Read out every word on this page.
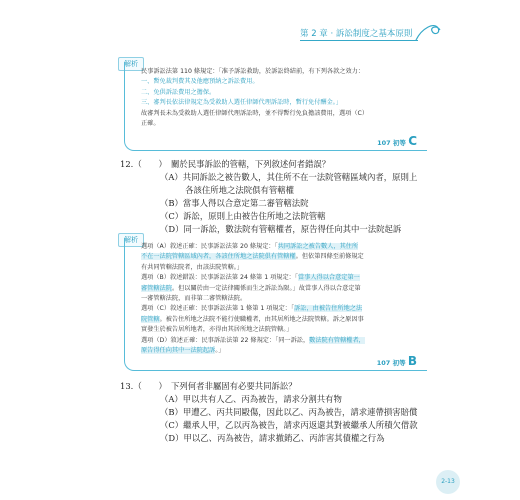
第 2 章 ‧ 訴訟制度之基本原則
解析
民事訴訟法第 110 條規定：「准予訴訟救助，於訴訟終結前，有下列各款之效力：
一、暫免裁判費其及他應預納之訴訟費用。
二、免供訴訟費用之擔保。
三、審判長依法律規定為受救助人選任律師代理訴訟時，暫行免付酬金。」
故審判長未為受救助人選任律師代理訴訟時，並不得暫行免負擔該費用，選項（C）
正確。
107 初等 C
12.（　　）　關於民事訴訟的管轄，下列敘述何者錯誤？
（A）共同訴訟之被告數人，其住所不在一法院管轄區域內者，原則上
　　　各該住所地之法院俱有管轄權
（B）當事人得以合意定第二審管轄法院
（C）訴訟，原則上由被告住所地之法院管轄
（D）同一訴訟，數法院有管轄權者，原告得任向其中一法院起訴
解析
選項（A）敘述正確：民事訴訟法第 20 條規定：「共同訴訟之被告數人，其住所
不在一法院管轄區域內者，各該住所地之法院俱有管轄權。但依第四條至前條規定
有共同管轄法院者，由該法院管轄。」
選項（B）敘述錯誤：民事訴訟法第 24 條第 1 項規定：「當事人得以合意定第一
審管轄法院。但以關於由一定法律關係而生之訴訟為限。」故當事人得以合意定第
一審管轄法院，而非第二審管轄法院。
選項（C）敘述正確：民事訴訟法第 1 條第 1 項規定：「訴訟，由被告住所地之法
院管轄。被告住所地之法院不能行使職權者，由其居所地之法院管轄。訴之原因事
實發生於被告居所地者，亦得由其居所地之法院管轄。」
選項（D）敘述正確：民事訴訟法第 22 條規定：「同一訴訟，數法院有管轄權者，
原告得任向其中一法院起訴。」
107 初等 B
13.（　　）　下列何者非屬固有必要共同訴訟？
（A）甲以共有人乙、丙為被告，請求分割共有物
（B）甲遭乙、丙共同毆傷，因此以乙、丙為被告，請求連帶損害賠償
（C）繼承人甲，乙以丙為被告，請求丙返還其對被繼承人所積欠借款
（D）甲以乙、丙為被告，請求撤銷乙、丙詐害其債權之行為
2-13
